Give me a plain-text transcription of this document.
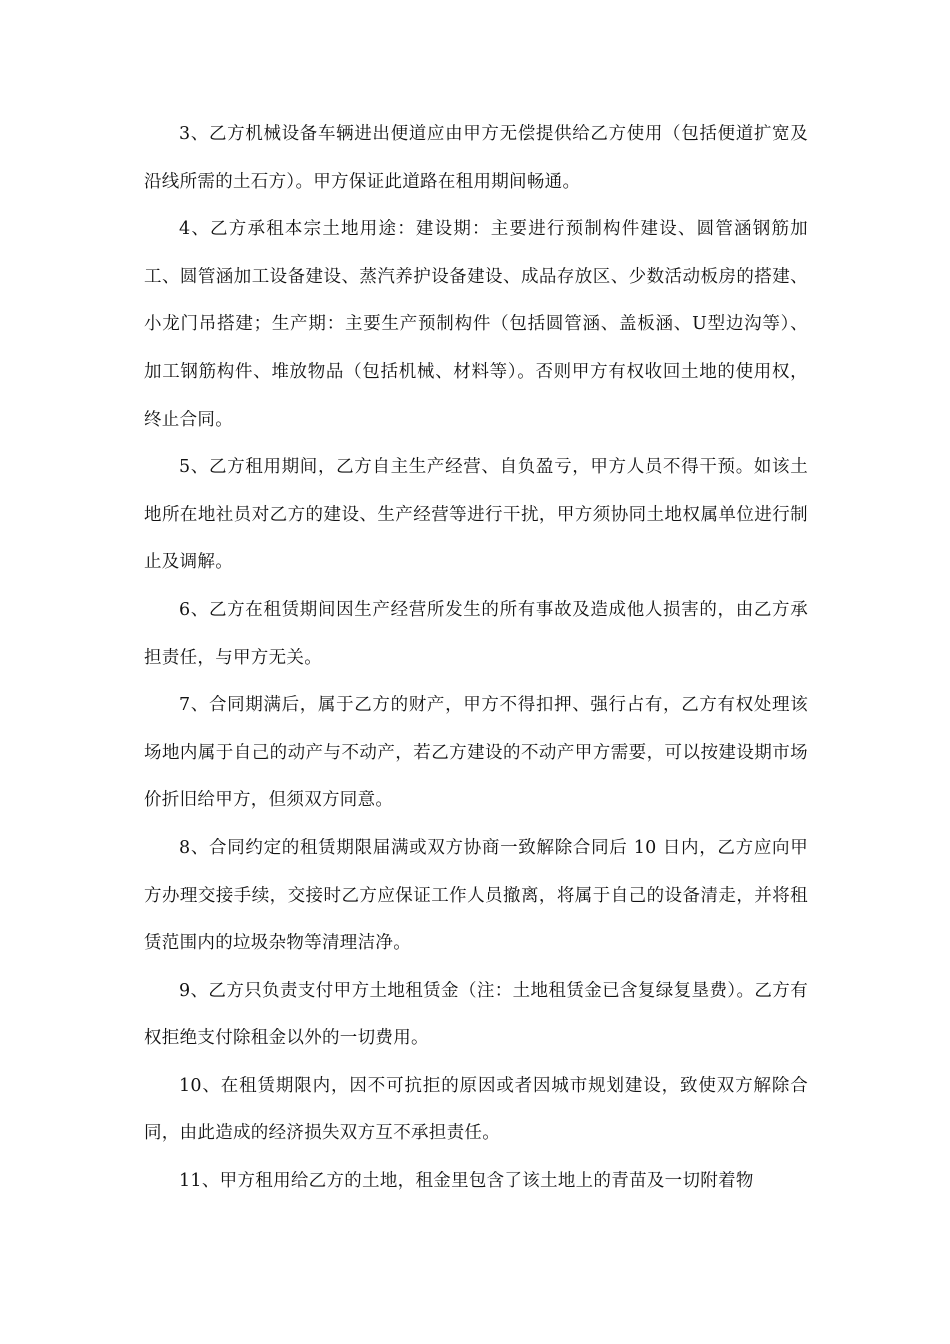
3、乙方机械设备车辆进出便道应由甲方无偿提供给乙方使用（包括便道扩宽及沿线所需的土石方）。甲方保证此道路在租用期间畅通。

4、乙方承租本宗土地用途：建设期：主要进行预制构件建设、圆管涵钢筋加工、圆管涵加工设备建设、蒸汽养护设备建设、成品存放区、少数活动板房的搭建、小龙门吊搭建；生产期：主要生产预制构件（包括圆管涵、盖板涵、U型边沟等）、加工钢筋构件、堆放物品（包括机械、材料等）。否则甲方有权收回土地的使用权，终止合同。

5、乙方租用期间，乙方自主生产经营、自负盈亏，甲方人员不得干预。如该土地所在地社员对乙方的建设、生产经营等进行干扰，甲方须协同土地权属单位进行制止及调解。

6、乙方在租赁期间因生产经营所发生的所有事故及造成他人损害的，由乙方承担责任，与甲方无关。

7、合同期满后，属于乙方的财产，甲方不得扣押、强行占有，乙方有权处理该场地内属于自己的动产与不动产，若乙方建设的不动产甲方需要，可以按建设期市场价折旧给甲方，但须双方同意。

8、合同约定的租赁期限届满或双方协商一致解除合同后 10 日内，乙方应向甲方办理交接手续，交接时乙方应保证工作人员撤离，将属于自己的设备清走，并将租赁范围内的垃圾杂物等清理洁净。

9、乙方只负责支付甲方土地租赁金（注：土地租赁金已含复绿复垦费）。乙方有权拒绝支付除租金以外的一切费用。

10、在租赁期限内，因不可抗拒的原因或者因城市规划建设，致使双方解除合同，由此造成的经济损失双方互不承担责任。

11、甲方租用给乙方的土地，租金里包含了该土地上的青苗及一切附着物
